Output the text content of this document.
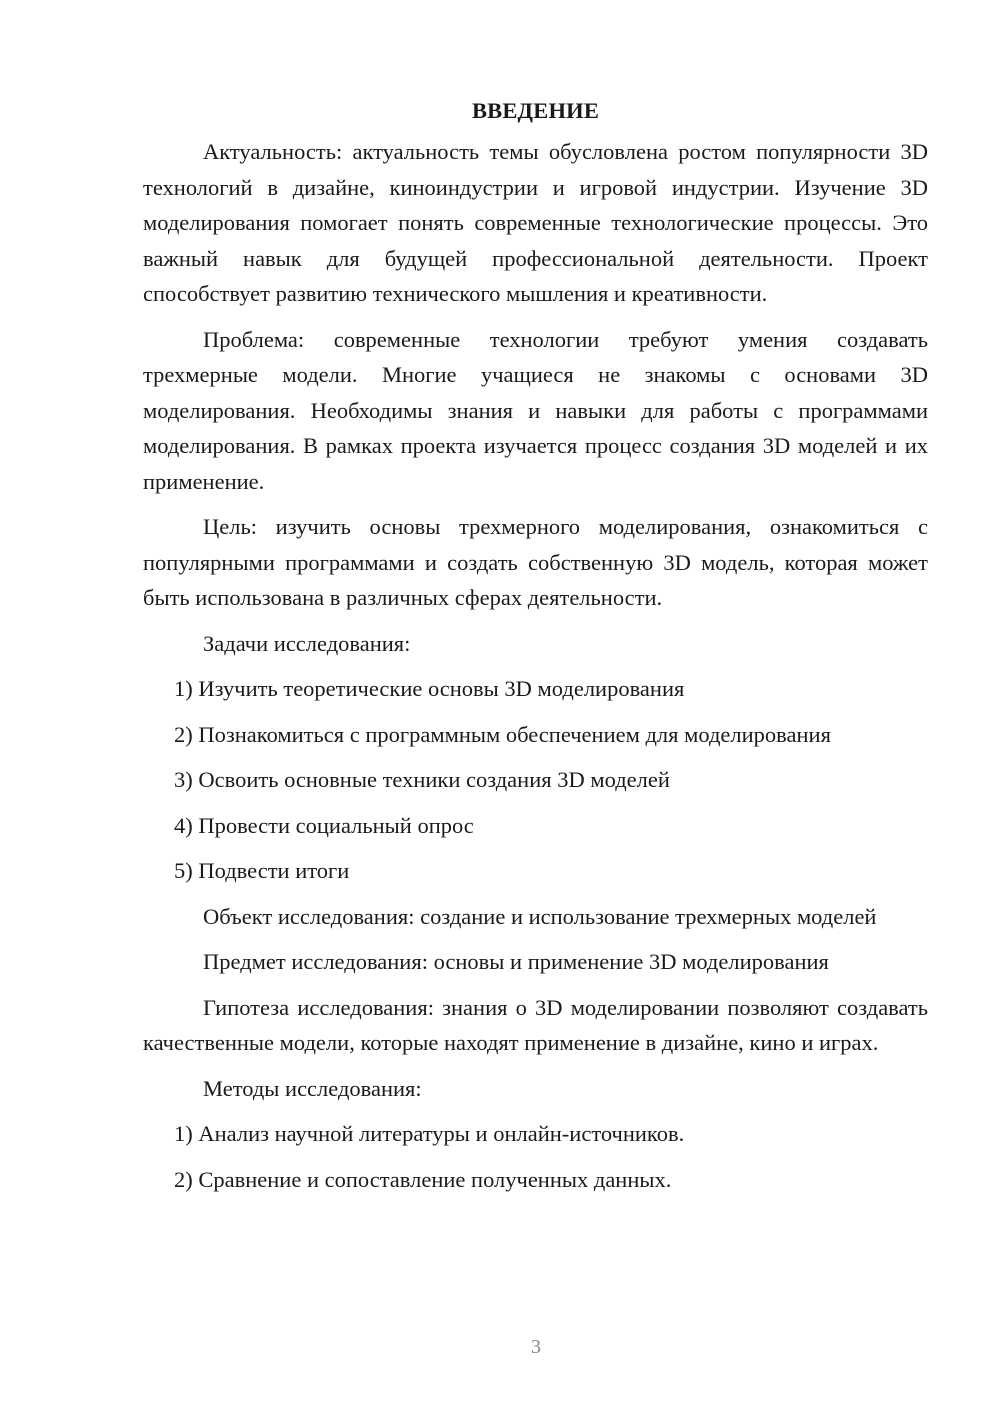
ВВЕДЕНИЕ
Актуальность: актуальность темы обусловлена ростом популярности 3D технологий в дизайне, киноиндустрии и игровой индустрии. Изучение 3D моделирования помогает понять современные технологические процессы. Это важный навык для будущей профессиональной деятельности. Проект способствует развитию технического мышления и креативности.
Проблема: современные технологии требуют умения создавать трехмерные модели. Многие учащиеся не знакомы с основами 3D моделирования. Необходимы знания и навыки для работы с программами моделирования. В рамках проекта изучается процесс создания 3D моделей и их применение.
Цель: изучить основы трехмерного моделирования, ознакомиться с популярными программами и создать собственную 3D модель, которая может быть использована в различных сферах деятельности.
Задачи исследования:
1) Изучить теоретические основы 3D моделирования
2) Познакомиться с программным обеспечением для моделирования
3) Освоить основные техники создания 3D моделей
4) Провести социальный опрос
5) Подвести итоги
Объект исследования: создание и использование трехмерных моделей
Предмет исследования: основы и применение 3D моделирования
Гипотеза исследования: знания о 3D моделировании позволяют создавать качественные модели, которые находят применение в дизайне, кино и играх.
Методы исследования:
1) Анализ научной литературы и онлайн-источников.
2) Сравнение и сопоставление полученных данных.
3
